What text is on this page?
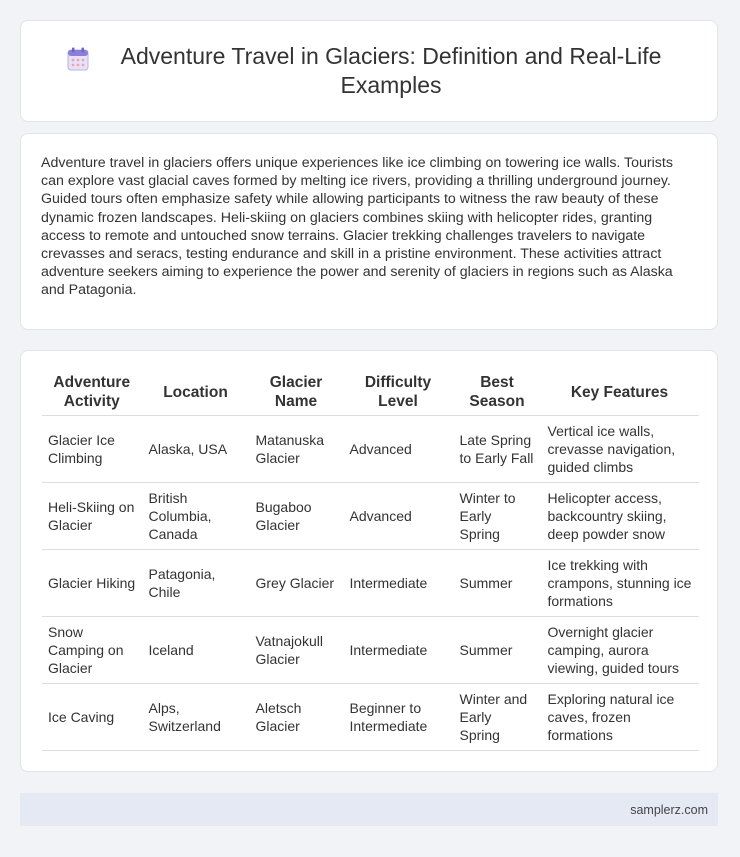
Adventure Travel in Glaciers: Definition and Real-Life Examples

Adventure travel in glaciers offers unique experiences like ice climbing on towering ice walls. Tourists can explore vast glacial caves formed by melting ice rivers, providing a thrilling underground journey. Guided tours often emphasize safety while allowing participants to witness the raw beauty of these dynamic frozen landscapes. Heli-skiing on glaciers combines skiing with helicopter rides, granting access to remote and untouched snow terrains. Glacier trekking challenges travelers to navigate crevasses and seracs, testing endurance and skill in a pristine environment. These activities attract adventure seekers aiming to experience the power and serenity of glaciers in regions such as Alaska and Patagonia.

Adventure Activity	Location	Glacier Name	Difficulty Level	Best Season	Key Features
Glacier Ice Climbing	Alaska, USA	Matanuska Glacier	Advanced	Late Spring to Early Fall	Vertical ice walls, crevasse navigation, guided climbs
Heli-Skiing on Glacier	British Columbia, Canada	Bugaboo Glacier	Advanced	Winter to Early Spring	Helicopter access, backcountry skiing, deep powder snow
Glacier Hiking	Patagonia, Chile	Grey Glacier	Intermediate	Summer	Ice trekking with crampons, stunning ice formations
Snow Camping on Glacier	Iceland	Vatnajokull Glacier	Intermediate	Summer	Overnight glacier camping, aurora viewing, guided tours
Ice Caving	Alps, Switzerland	Aletsch Glacier	Beginner to Intermediate	Winter and Early Spring	Exploring natural ice caves, frozen formations
samplerz.com
